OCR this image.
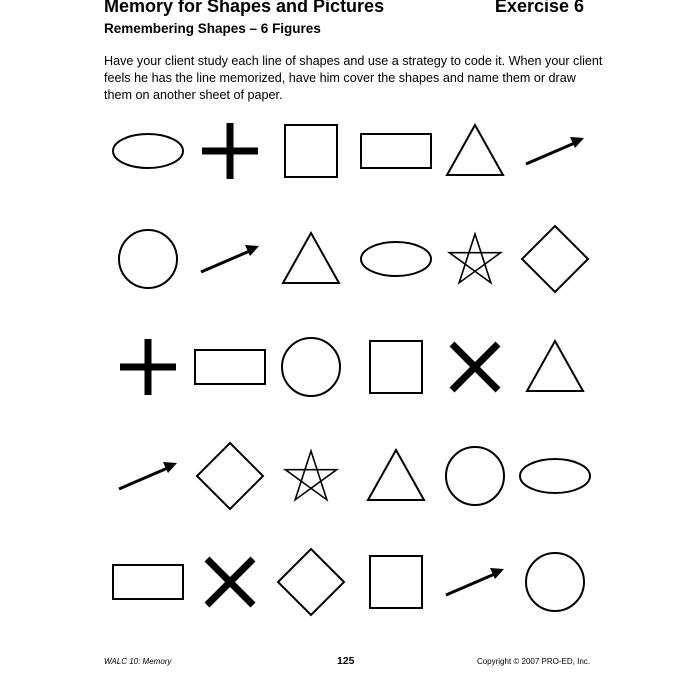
Memory for Shapes and Pictures	Exercise 6
Remembering Shapes – 6 Figures
Have your client study each line of shapes and use a strategy to code it. When your client feels he has the line memorized, have him cover the shapes and name them or draw them on another sheet of paper.
WALC 10: Memory	125	Copyright © 2007 PRO-ED, Inc.
